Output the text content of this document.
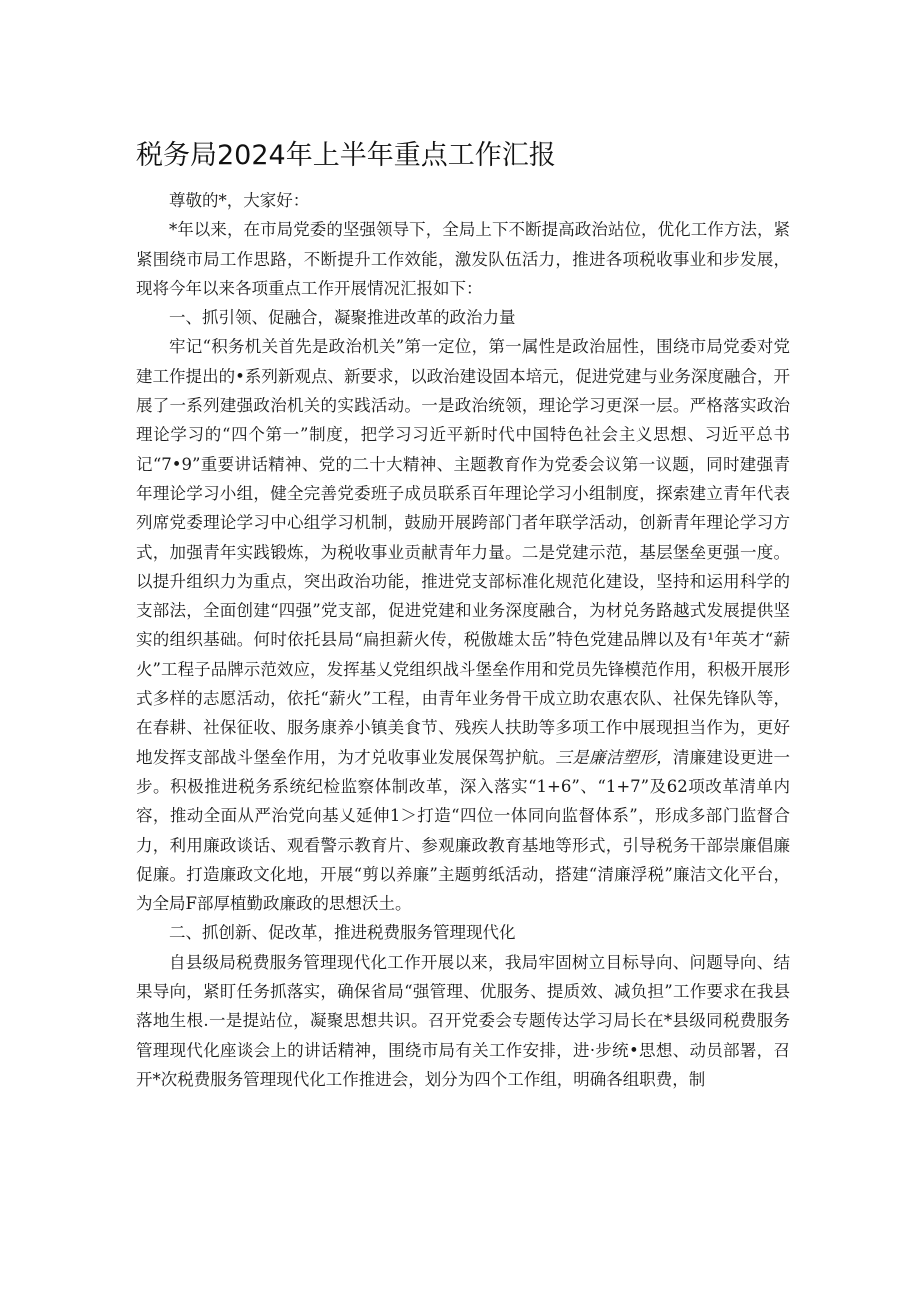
税务局2024年上半年重点工作汇报

尊敬的*，大家好：

*年以来，在市局党委的坚强领导下，全局上下不断提高政治站位，优化工作方法，紧紧围绕市局工作思路，不断提升工作效能，激发队伍活力，推进各项税收事业和步发展，现将今年以来各项重点工作开展情况汇报如下：

一、抓引领、促融合，凝聚推进改革的政治力量

牢记“积务机关首先是政治机关”第一定位，第一属性是政治屈性，围绕市局党委对党建工作提出的•系列新观点、新要求，以政治建设固本培元，促进党建与业务深度融合，开展了一系列建强政治机关的实践活动。一是政治统领，理论学习更深一层。严格落实政治理论学习的“四个第一”制度，把学习习近平新时代中国特色社会主义思想、习近平总书记“7•9”重要讲话精神、党的二十大精神、主题教育作为党委会议第一议题，同时建强青年理论学习小组，健全完善党委班子成员联系百年理论学习小组制度，探索建立青年代表列席党委理论学习中心组学习机制，鼓励开展跨部门者年联学活动，创新青年理论学习方式，加强青年实践锻炼，为税收事业贡献青年力量。二是党建示范，基层堡垒更强一度。以提升组织力为重点，突出政治功能，推进党支部标准化规范化建设，坚持和运用科学的支部法，全面创建“四强”党支部，促进党建和业务深度融合，为材兑务路越式发展提供坚实的组织基础。何时依托县局“扁担薪火传，税傲雄太岳”特色党建品牌以及有¹年英才“薪火”工程子品牌示范效应，发挥基乂党组织战斗堡垒作用和党员先锋模范作用，积极开展形式多样的志愿活动，依托“薪火”工程，由青年业务骨干成立助农惠农队、社保先锋队等，在春耕、社保征收、服务康养小镇美食节、残疾人扶助等多项工作中展现担当作为，更好地发挥支部战斗堡垒作用，为才兑收事业发展保驾护航。三是廉洁塑形，清廉建设更进一步。积极推进税务系统纪检监察体制改革，深入落实“1+6”、“1+7”及62项改革清单内容，推动全面从严治党向基乂延伸1＞打造“四位一体同向监督体系”，形成多部门监督合力，利用廉政谈话、观看警示教育片、参观廉政教育基地等形式，引导税务干部崇廉倡廉促廉。打造廉政文化地，开展“剪以养廉”主题剪纸活动，搭建“清廉浮税”廉洁文化平台，为全局F部厚植勤政廉政的思想沃土。

二、抓创新、促改革，推进税费服务管理现代化

自县级局税费服务管理现代化工作开展以来，我局牢固树立目标导向、问题导向、结果导向，紧盯任务抓落实，确保省局“强管理、优服务、提质效、减负担”工作要求在我县落地生根.一是提站位，凝聚思想共识。召开党委会专题传达学习局长在*县级同税费服务管理现代化座谈会上的讲话精神，围绕市局有关工作安排，进·步统•思想、动员部署，召开*次税费服务管理现代化工作推进会，划分为四个工作组，明确各组职费，制
